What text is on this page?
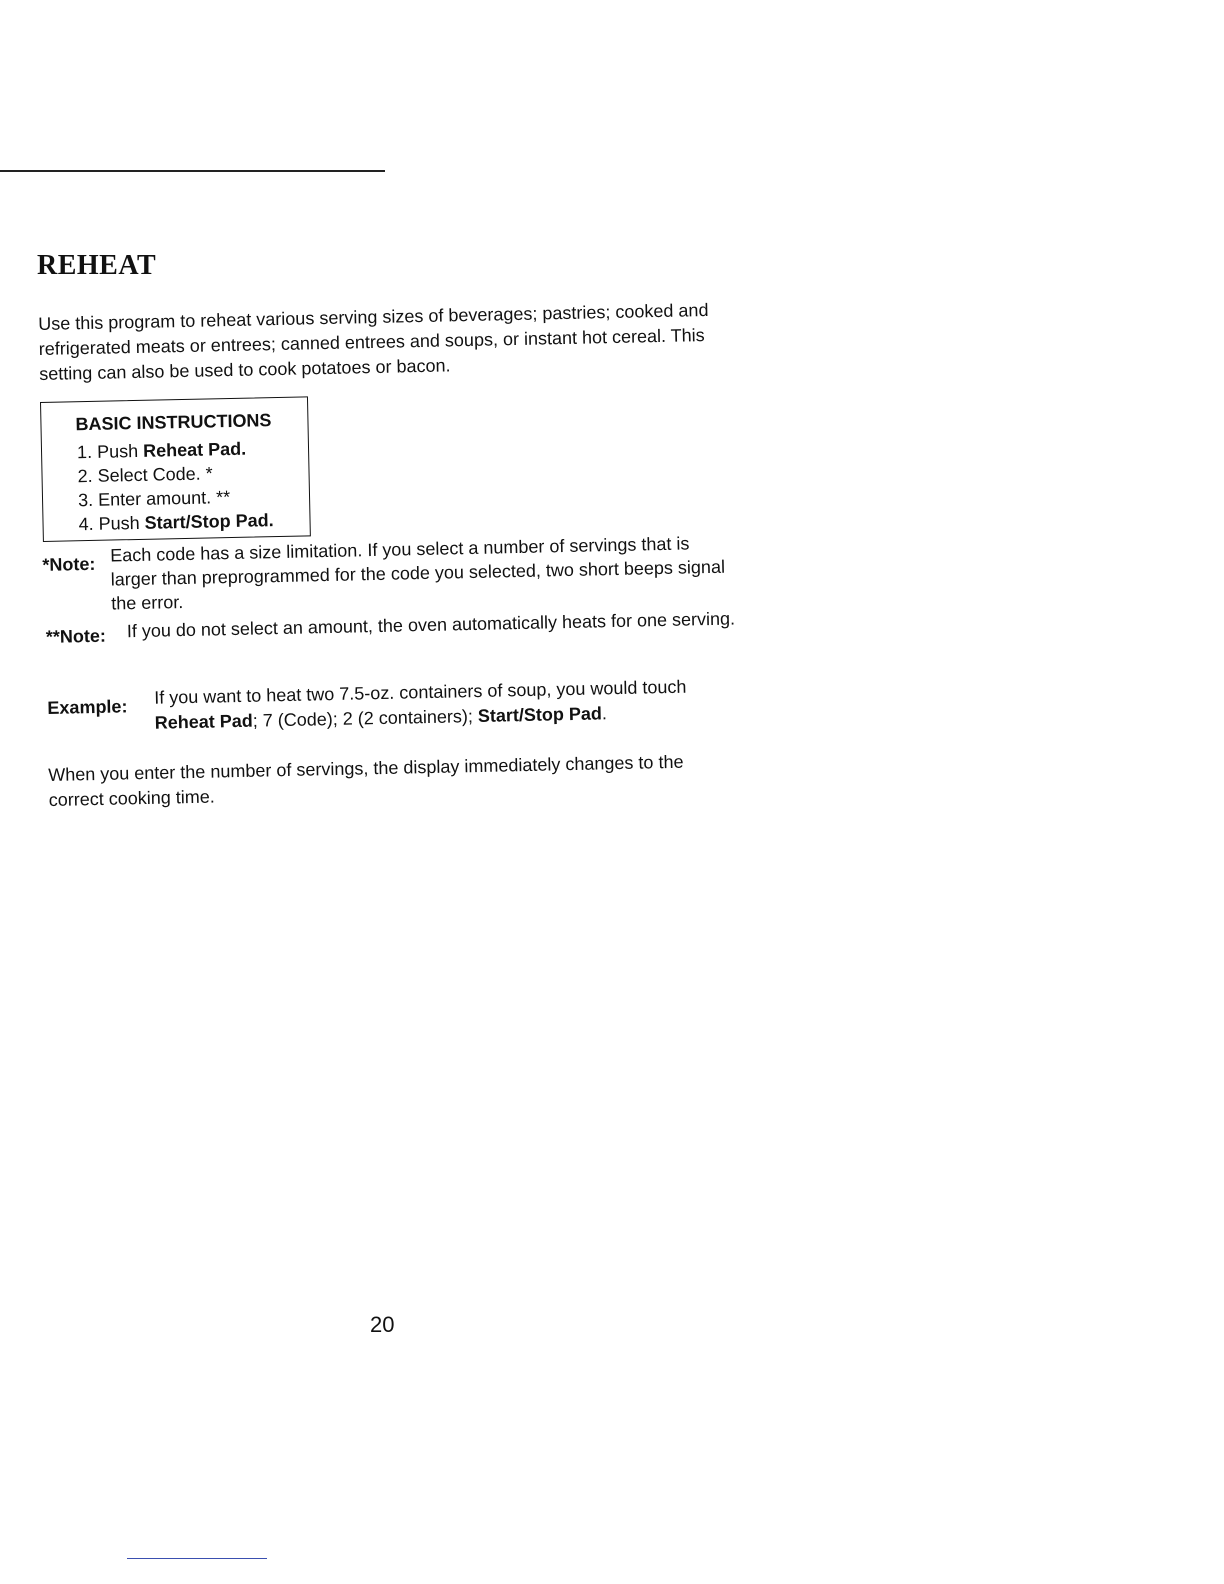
REHEAT

Use this program to reheat various serving sizes of beverages; pastries; cooked and refrigerated meats or entrees; canned entrees and soups, or instant hot cereal. This setting can also be used to cook potatoes or bacon.

BASIC INSTRUCTIONS

1. Push Reheat Pad.
2. Select Code. *
3. Enter amount. **
4. Push Start/Stop Pad.
*Note: Each code has a size limitation. If you select a number of servings that is larger than preprogrammed for the code you selected, two short beeps signal the error.
**Note: If you do not select an amount, the oven automatically heats for one serving.
Example: If you want to heat two 7.5-oz. containers of soup, you would touch Reheat Pad; 7 (Code); 2 (2 containers); Start/Stop Pad.

When you enter the number of servings, the display immediately changes to the correct cooking time.

20
